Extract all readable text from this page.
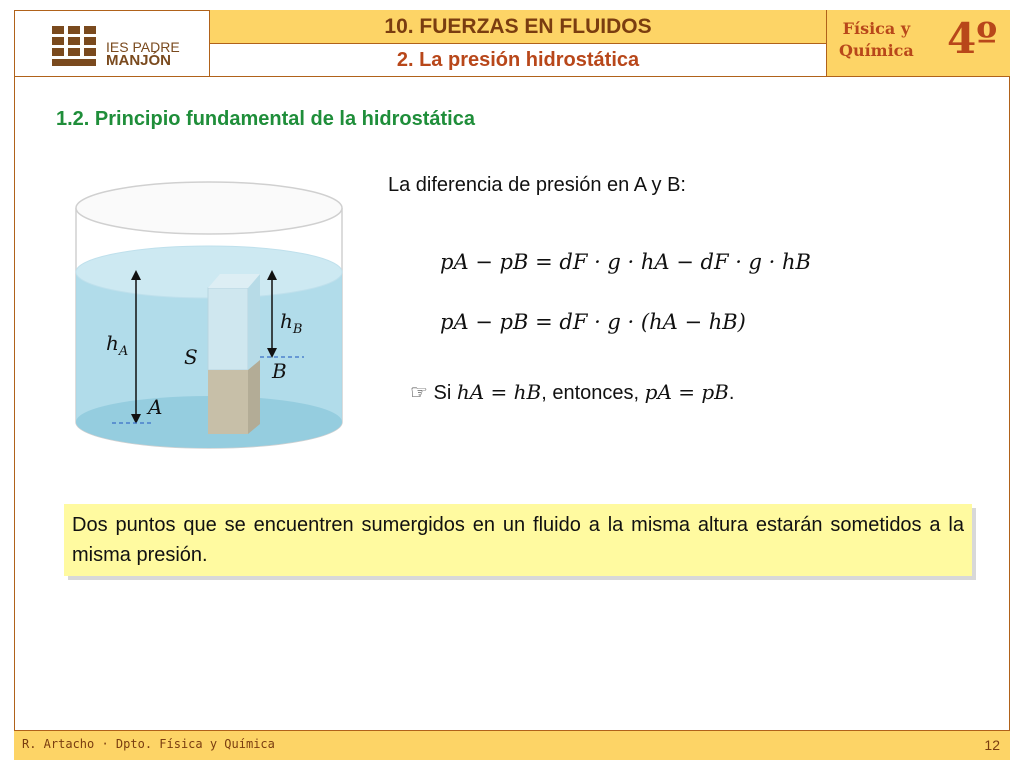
IES PADRE
MANJÓN
10. FUERZAS EN FLUIDOS
2. La presión hidrostática
Física y
Química 4º
1.2. Principio fundamental de la hidrostática
$h_A$
$h_B$
S
B
A
La diferencia de presión en A y B:
pA − pB = dF · g · hA − dF · g · hB
pA − pB = dF · g · (hA − hB)
☞ Si hA = hB, entonces, pA = pB.
Dos puntos que se encuentren sumergidos en un fluido a la misma altura estarán sometidos a la misma presión.
R. Artacho · Dpto. Física y Química	12
